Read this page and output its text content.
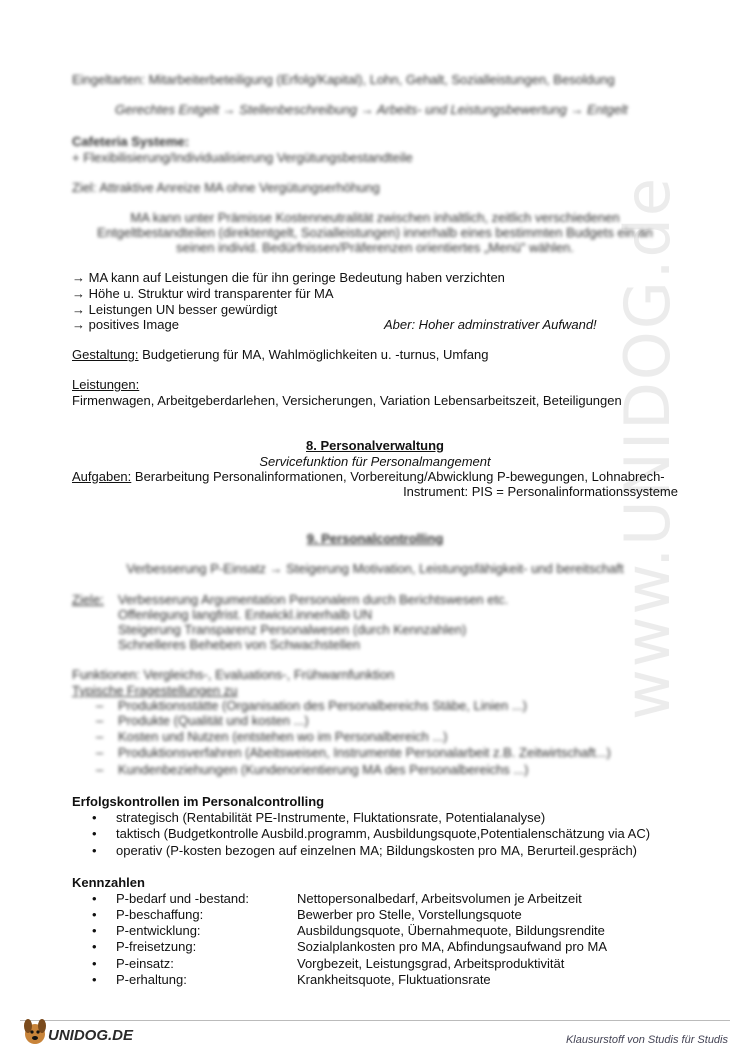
www.UNIDOG.de
Eingeltarten: Mitarbeiterbeteiligung (Erfolg/Kapital), Lohn, Gehalt, Sozialleistungen, Besoldung
Gerechtes Entgelt → Stellenbeschreibung → Arbeits- und Leistungsbewertung → Entgelt
Cafeteria Systeme:
+ Flexibilisierung/Individualisierung Vergütungsbestandteile
Ziel: Attraktive Anreize MA ohne Vergütungserhöhung
MA kann unter Prämisse Kostenneutralität zwischen inhaltlich, zeitlich verschiedenen
Entgeltbestandteilen (direktentgelt, Sozialleistungen) innerhalb eines bestimmten Budgets ein an
seinen individ. Bedürfnissen/Präferenzen orientiertes „Menü" wählen.
→ MA kann auf Leistungen die für ihn geringe Bedeutung haben verzichten
→ Höhe u. Struktur wird transparenter für MA
→ Leistungen UN besser gewürdigt
→ positives Image	Aber: Hoher adminstrativer Aufwand!
Gestaltung: Budgetierung für MA, Wahlmöglichkeiten u. -turnus, Umfang
Leistungen:
Firmenwagen, Arbeitgeberdarlehen, Versicherungen, Variation Lebensarbeitszeit, Beteiligungen
8. Personalverwaltung
Servicefunktion für Personalmangement
Aufgaben: Berarbeitung Personalinformationen, Vorbereitung/Abwicklung P-bewegungen, Lohnabrech-
Instrument: PIS = Personalinformationssysteme
9. Personalcontrolling
Verbesserung P-Einsatz → Steigerung Motivation, Leistungsfähigkeit- und bereitschaft
Ziele: Verbesserung Argumentation Personalern durch Berichtswesen etc.
Offenlegung langfrist. Entwickl.innerhalb UN
Steigerung Transparenz Personalwesen (durch Kennzahlen)
Schnelleres Beheben von Schwachstellen
Funktionen: Vergleichs-, Evaluations-, Frühwarnfunktion
Typische Fragestellungen zu
– Produktionsstätte (Organisation des Personalbereichs Stäbe, Linien ...)
– Produkte (Qualität und kosten ...)
– Kosten und Nutzen (entstehen wo im Personalbereich ...)
– Produktionsverfahren (Abeitsweisen, Instrumente Personalarbeit z.B. Zeitwirtschaft...)
– Kundenbeziehungen (Kundenorientierung MA des Personalbereichs ...)
Erfolgskontrollen im Personalcontrolling
• strategisch (Rentabilität PE-Instrumente, Fluktationsrate, Potentialanalyse)
• taktisch (Budgetkontrolle Ausbild.programm, Ausbildungsquote,Potentialenschätzung via AC)
• operativ (P-kosten bezogen auf einzelnen MA; Bildungskosten pro MA, Berurteil.gespräch)
Kennzahlen
• P-bedarf und -bestand:	Nettopersonalbedarf, Arbeitsvolumen je Arbeitzeit
• P-beschaffung:	Bewerber pro Stelle, Vorstellungsquote
• P-entwicklung:	Ausbildungsquote, Übernahmequote, Bildungsrendite
• P-freisetzung:	Sozialplankosten pro MA, Abfindungsaufwand pro MA
• P-einsatz:	Vorgbezeit, Leistungsgrad, Arbeitsproduktivität
• P-erhaltung:	Krankheitsquote, Fluktuationsrate
UNIDOG.DE	Klausurstoff von Studis für Studis
